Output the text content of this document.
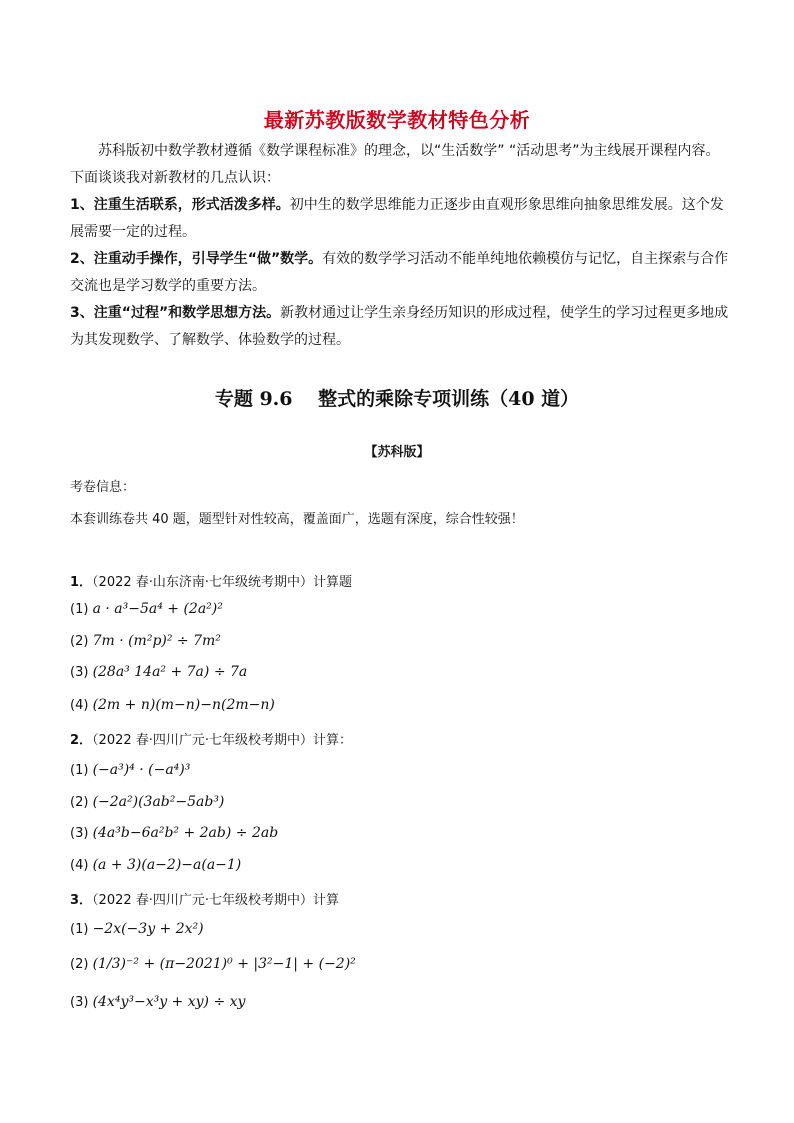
最新苏教版数学教材特色分析

苏科版初中数学教材遵循《数学课程标准》的理念，以“生活数学” “活动思考”为主线展开课程内容。下面谈谈我对新教材的几点认识：

1、注重生活联系，形式活泼多样。初中生的数学思维能力正逐步由直观形象思维向抽象思维发展。这个发展需要一定的过程。

2、注重动手操作，引导学生“做”数学。有效的数学学习活动不能单纯地依赖模仿与记忆，自主探索与合作交流也是学习数学的重要方法。

3、注重“过程”和数学思想方法。新教材通过让学生亲身经历知识的形成过程，使学生的学习过程更多地成为其发现数学、了解数学、体验数学的过程。

专题 9.6　 整式的乘除专项训练（40 道）
【苏科版】
考卷信息：
本套训练卷共 40 题，题型针对性较高，覆盖面广，选题有深度，综合性较强！
1．（2022 春·山东济南·七年级统考期中）计算题
(1) a · a³−5a⁴ + (2a²)²
(2) 7m · (m²p)² ÷ 7m²
(3) (28a³ 14a² + 7a) ÷ 7a
(4) (2m + n)(m−n)−n(2m−n)
2．（2022 春·四川广元·七年级校考期中）计算：
(1) (−a³)⁴ · (−a⁴)³
(2) (−2a²)(3ab²−5ab³)
(3) (4a³b−6a²b² + 2ab) ÷ 2ab
(4) (a + 3)(a−2)−a(a−1)
3．（2022 春·四川广元·七年级校考期中）计算
(1) −2x(−3y + 2x²)
(2) (1/3)⁻² + (π−2021)⁰ + |3²−1| + (−2)²
(3) (4x⁴y³−x³y + xy) ÷ xy
